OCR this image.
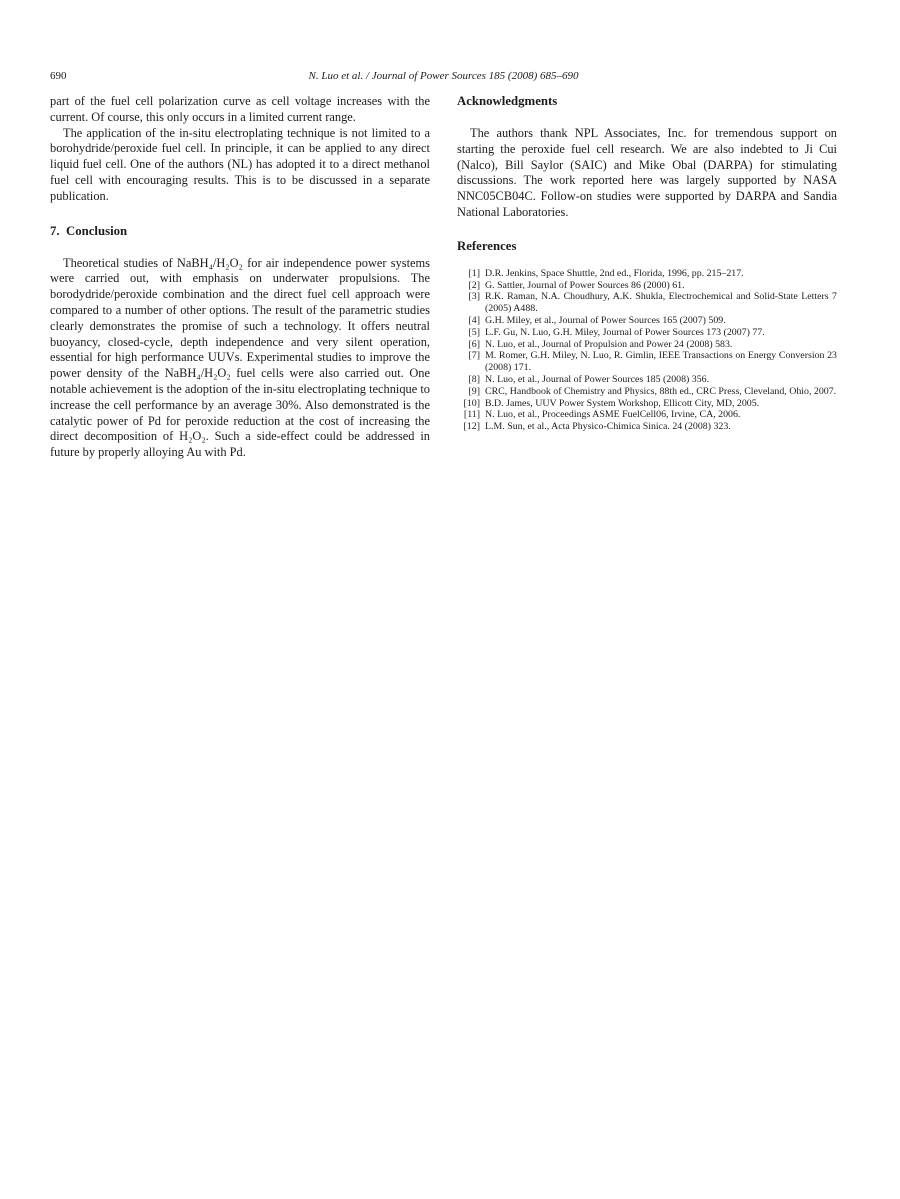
690	N. Luo et al. / Journal of Power Sources 185 (2008) 685–690

part of the fuel cell polarization curve as cell voltage increases with the current. Of course, this only occurs in a limited current range.

The application of the in-situ electroplating technique is not limited to a borohydride/peroxide fuel cell. In principle, it can be applied to any direct liquid fuel cell. One of the authors (NL) has adopted it to a direct methanol fuel cell with encouraging results. This is to be discussed in a separate publication.

7.  Conclusion

Theoretical studies of NaBH₄/H₂O₂ for air independence power systems were carried out, with emphasis on underwater propulsions. The borodydride/peroxide combination and the direct fuel cell approach were compared to a number of other options. The result of the parametric studies clearly demonstrates the promise of such a technology. It offers neutral buoyancy, closed-cycle, depth independence and very silent operation, essential for high performance UUVs. Experimental studies to improve the power density of the NaBH₄/H₂O₂ fuel cells were also carried out. One notable achievement is the adoption of the in-situ electroplating technique to increase the cell performance by an average 30%. Also demonstrated is the catalytic power of Pd for peroxide reduction at the cost of increasing the direct decomposition of H₂O₂. Such a side-effect could be addressed in future by properly alloying Au with Pd.

Acknowledgments

The authors thank NPL Associates, Inc. for tremendous support on starting the peroxide fuel cell research. We are also indebted to Ji Cui (Nalco), Bill Saylor (SAIC) and Mike Obal (DARPA) for stimulating discussions. The work reported here was largely supported by NASA NNC05CB04C. Follow-on studies were supported by DARPA and Sandia National Laboratories.

References
[1] D.R. Jenkins, Space Shuttle, 2nd ed., Florida, 1996, pp. 215–217.
[2] G. Sattler, Journal of Power Sources 86 (2000) 61.
[3] R.K. Raman, N.A. Choudhury, A.K. Shukla, Electrochemical and Solid-State Letters 7 (2005) A488.
[4] G.H. Miley, et al., Journal of Power Sources 165 (2007) 509.
[5] L.F. Gu, N. Luo, G.H. Miley, Journal of Power Sources 173 (2007) 77.
[6] N. Luo, et al., Journal of Propulsion and Power 24 (2008) 583.
[7] M. Romer, G.H. Miley, N. Luo, R. Gimlin, IEEE Transactions on Energy Conversion 23 (2008) 171.
[8] N. Luo, et al., Journal of Power Sources 185 (2008) 356.
[9] CRC, Handbook of Chemistry and Physics, 88th ed., CRC Press, Cleveland, Ohio, 2007.
[10] B.D. James, UUV Power System Workshop, Ellicott City, MD, 2005.
[11] N. Luo, et al., Proceedings ASME FuelCell06, Irvine, CA, 2006.
[12] L.M. Sun, et al., Acta Physico-Chimica Sinica. 24 (2008) 323.
